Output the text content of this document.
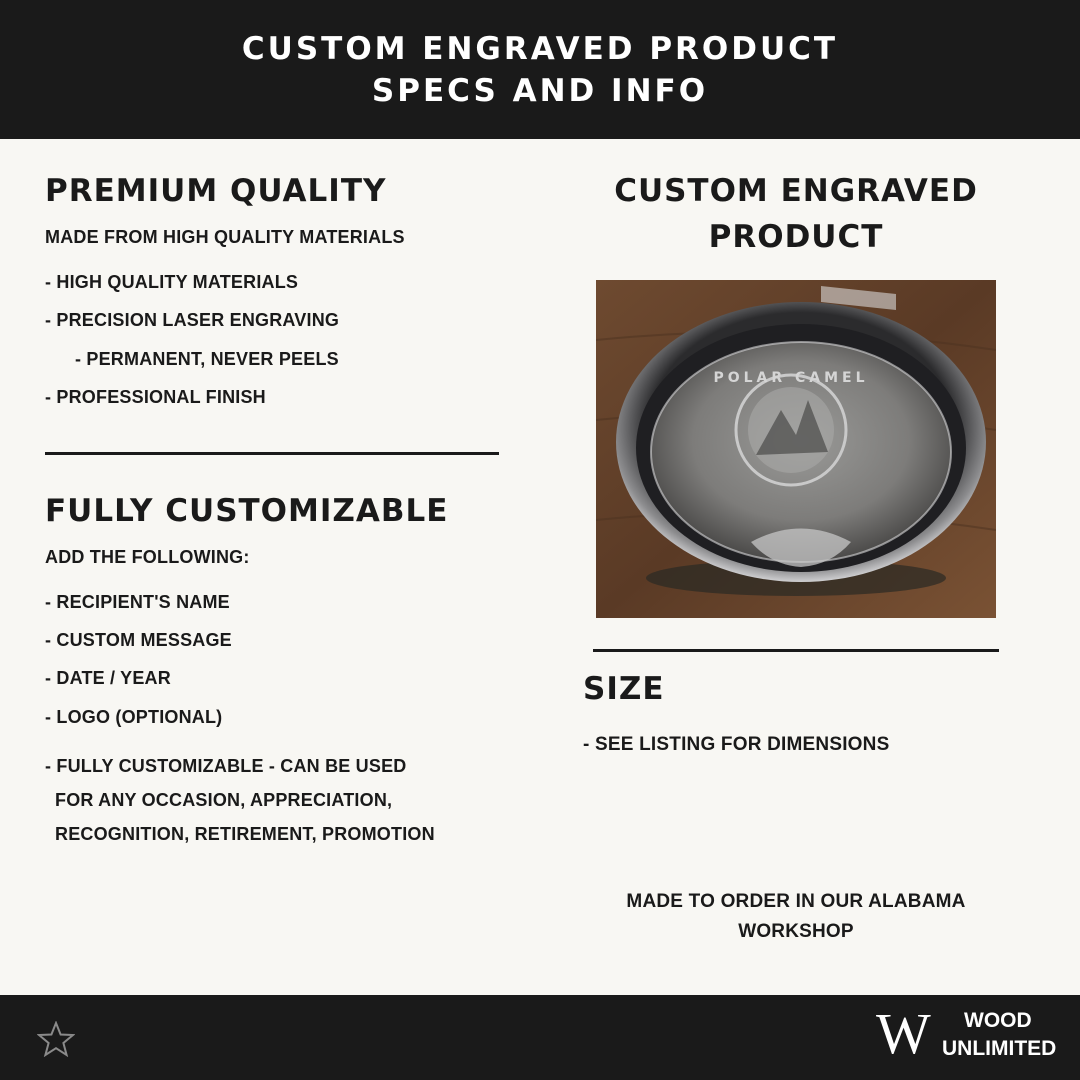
CUSTOM ENGRAVED PRODUCT
SPECS AND INFO
PREMIUM QUALITY
MADE FROM HIGH QUALITY MATERIALS
- HIGH QUALITY MATERIALS
- PRECISION LASER ENGRAVING
- PERMANENT, NEVER PEELS
- PROFESSIONAL FINISH
FULLY CUSTOMIZABLE
ADD THE FOLLOWING:
- RECIPIENT'S NAME
- CUSTOM MESSAGE
- DATE / YEAR
- LOGO (OPTIONAL)
- FULLY CUSTOMIZABLE - CAN BE USED
FOR ANY OCCASION, APPRECIATION,
RECOGNITION, RETIREMENT, PROMOTION
CUSTOM ENGRAVED
PRODUCT
POLAR CAMEL
SIZE
- SEE LISTING FOR DIMENSIONS
MADE TO ORDER IN OUR ALABAMA
WORKSHOP
W WOOD
UNLIMITED
